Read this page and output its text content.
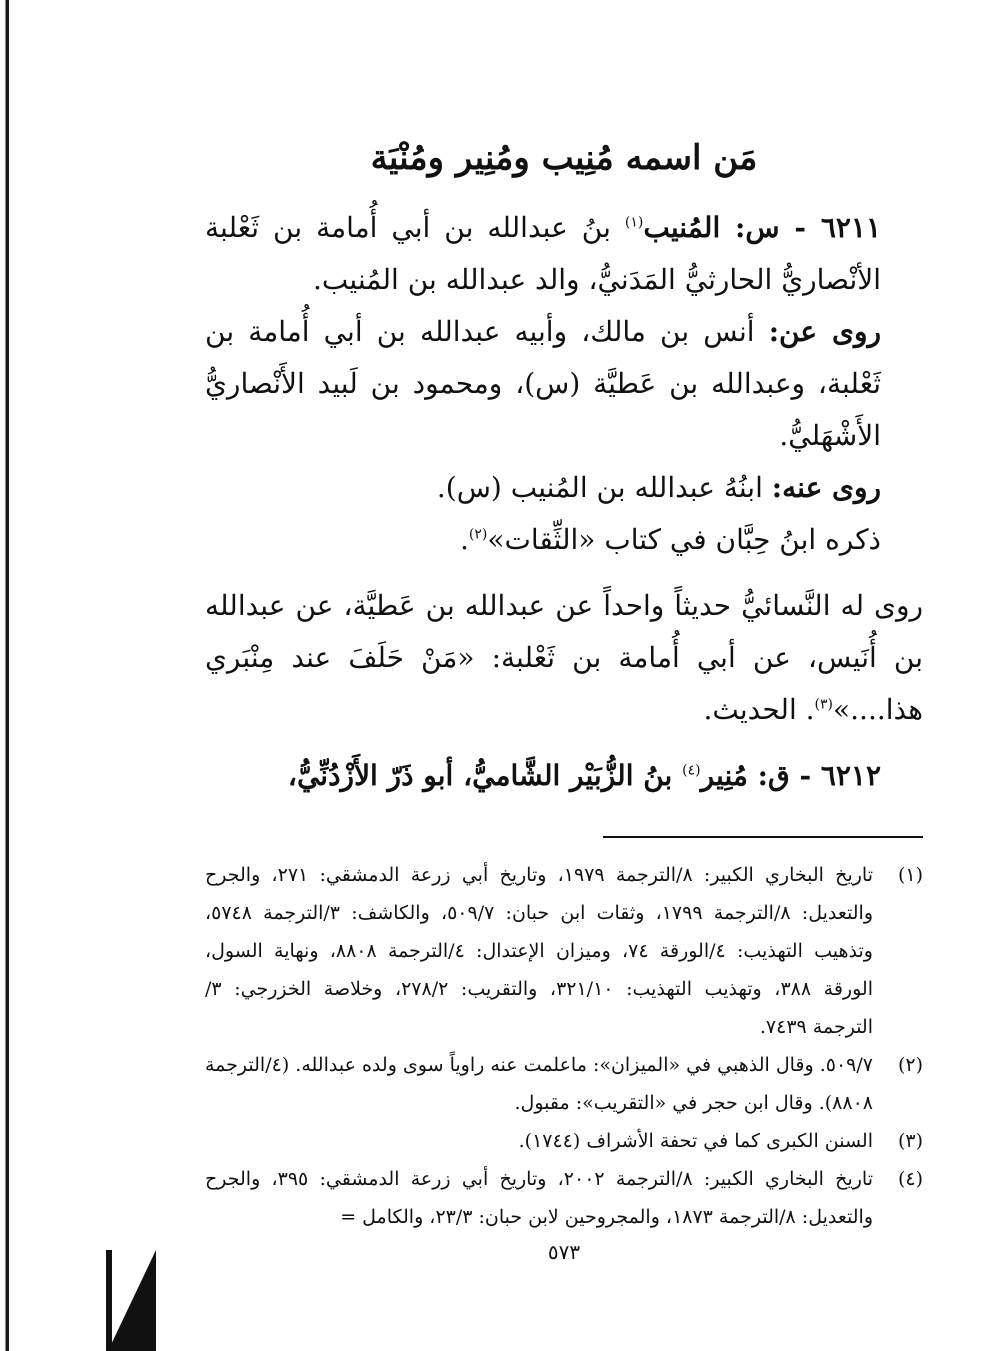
مَن اسمه مُنِيب ومُنِير ومُنْيَة

٦٢١١ - س: المُنيب$^{(١)}$ بنُ عبدالله بن أبي أُمامة بن ثَعْلبة الأنْصاريُّ الحارثيُّ المَدَنيُّ، والد عبدالله بن المُنيب.

روى عن: أنس بن مالك، وأبيه عبدالله بن أبي أُمامة بن ثَعْلبة، وعبدالله بن عَطيَّة (س)، ومحمود بن لَبيد الأَنْصاريُّ الأَشْهَليُّ.

روى عنه: ابنُهُ عبدالله بن المُنيب (س).

ذكره ابنُ حِبَّان في كتاب «الثِّقات»$^{(٢)}$.

روى له النَّسائيُّ حديثاً واحداً عن عبدالله بن عَطيَّة، عن عبدالله بن أُنَيس، عن أبي أُمامة بن ثَعْلبة: «مَنْ حَلَفَ عند مِنْبَري هذا....»$^{(٣)}$. الحديث.

٦٢١٢ - ق: مُنِير$^{(٤)}$ بنُ الزُّبَيْر الشَّاميُّ، أبو ذَرّ الأَزْدُنِّيُّ،

(١)
تاريخ البخاري الكبير: ٨/الترجمة ١٩٧٩، وتاريخ أبي زرعة الدمشقي: ٢٧١، والجرح والتعديل: ٨/الترجمة ١٧٩٩، وثقات ابن حبان: ٥٠٩/٧، والكاشف: ٣/الترجمة ٥٧٤٨، وتذهيب التهذيب: ٤/الورقة ٧٤، وميزان الإعتدال: ٤/الترجمة ٨٨٠٨، ونهاية السول، الورقة ٣٨٨، وتهذيب التهذيب: ٣٢١/١٠، والتقريب: ٢٧٨/٢، وخلاصة الخزرجي: ٣/الترجمة ٧٤٣٩.
(٢)
٥٠٩/٧. وقال الذهبي في «الميزان»: ماعلمت عنه راوياً سوى ولده عبدالله. (٤/الترجمة ٨٨٠٨). وقال ابن حجر في «التقريب»: مقبول.
(٣)
السنن الكبرى كما في تحفة الأشراف (١٧٤٤).
(٤)
تاريخ البخاري الكبير: ٨/الترجمة ٢٠٠٢، وتاريخ أبي زرعة الدمشقي: ٣٩٥، والجرح والتعديل: ٨/الترجمة ١٨٧٣، والمجروحين لابن حبان: ٢٣/٣، والكامل =
٥٧٣
